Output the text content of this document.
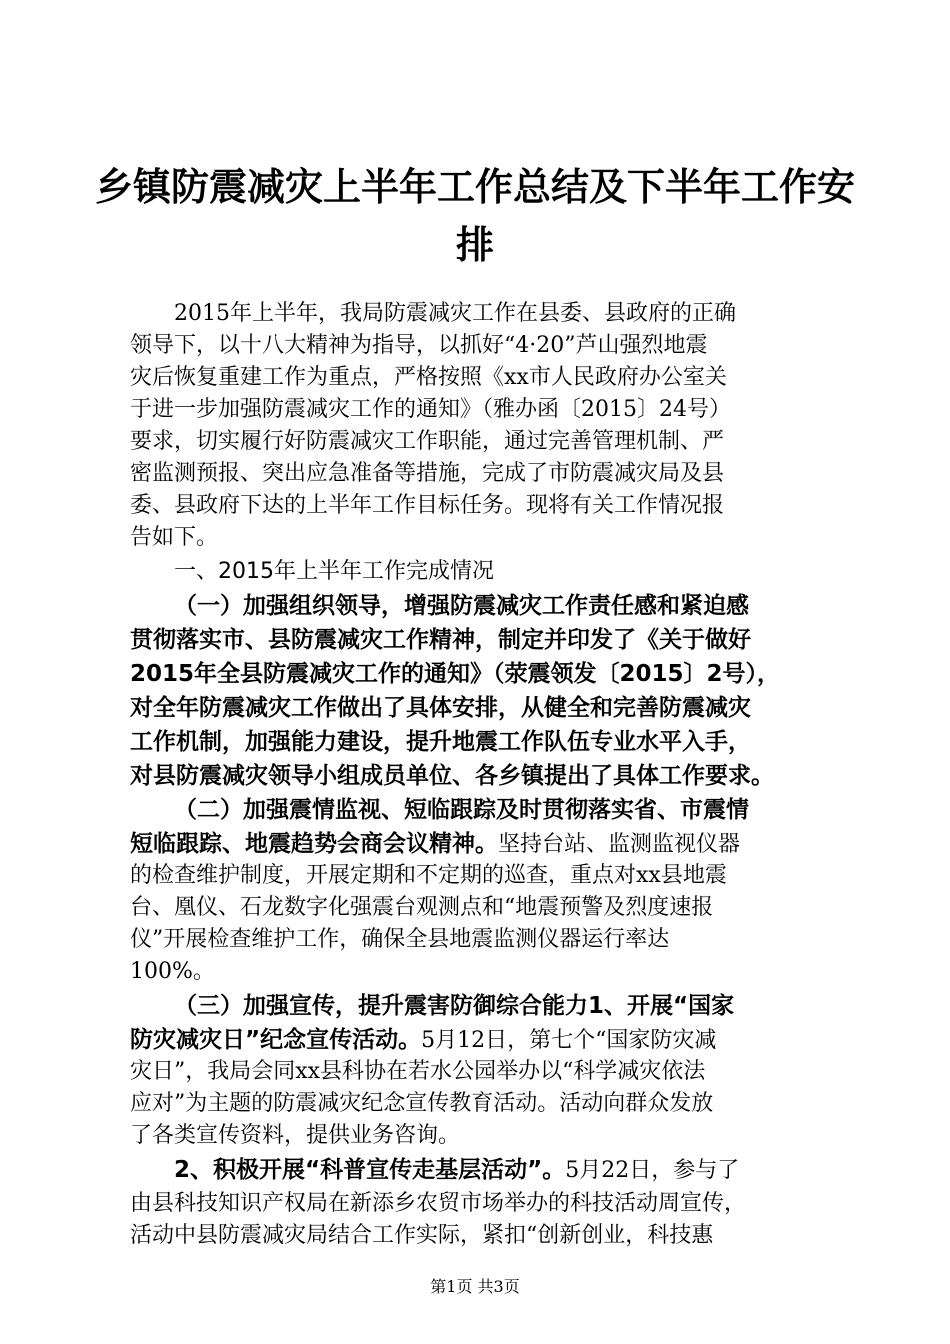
乡镇防震减灾上半年工作总结及下半年工作安
排
2015年上半年，我局防震减灾工作在县委、县政府的正确
领导下，以十八大精神为指导，以抓好“4·20”芦山强烈地震
灾后恢复重建工作为重点，严格按照《xx市人民政府办公室关
于进一步加强防震减灾工作的通知》（雅办函〔2015〕24号）
要求，切实履行好防震减灾工作职能，通过完善管理机制、严
密监测预报、突出应急准备等措施，完成了市防震减灾局及县
委、县政府下达的上半年工作目标任务。现将有关工作情况报
告如下。
一、2015年上半年工作完成情况
（一）加强组织领导，增强防震减灾工作责任感和紧迫感
贯彻落实市、县防震减灾工作精神，制定并印发了《关于做好
2015年全县防震减灾工作的通知》（荥震领发〔2015〕2号），
对全年防震减灾工作做出了具体安排，从健全和完善防震减灾
工作机制，加强能力建设，提升地震工作队伍专业水平入手，
对县防震减灾领导小组成员单位、各乡镇提出了具体工作要求。
（二）加强震情监视、短临跟踪及时贯彻落实省、市震情
短临跟踪、地震趋势会商会议精神。坚持台站、监测监视仪器
的检查维护制度，开展定期和不定期的巡查，重点对xx县地震
台、凰仪、石龙数字化强震台观测点和“地震预警及烈度速报
仪”开展检查维护工作，确保全县地震监测仪器运行率达
100%。
（三）加强宣传，提升震害防御综合能力1、开展“国家
防灾减灾日”纪念宣传活动。5月12日，第七个“国家防灾减
灾日”，我局会同xx县科协在若水公园举办以“科学减灾依法
应对”为主题的防震减灾纪念宣传教育活动。活动向群众发放
了各类宣传资料，提供业务咨询。
2、积极开展“科普宣传走基层活动”。5月22日，参与了
由县科技知识产权局在新添乡农贸市场举办的科技活动周宣传，
活动中县防震减灾局结合工作实际，紧扣“创新创业，科技惠
第1页 共3页
